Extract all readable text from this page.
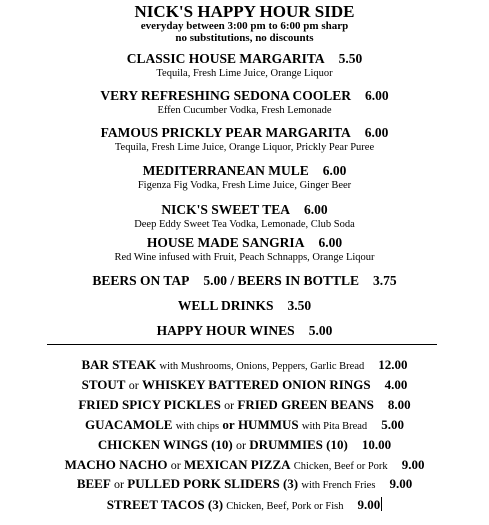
NICK'S HAPPY HOUR SIDE
everyday between 3:00 pm to 6:00 pm sharp
no substitutions, no discounts
CLASSIC HOUSE MARGARITA 5.50
Tequila, Fresh Lime Juice, Orange Liquor
VERY REFRESHING SEDONA COOLER 6.00
Effen Cucumber Vodka, Fresh Lemonade
FAMOUS PRICKLY PEAR MARGARITA 6.00
Tequila, Fresh Lime Juice, Orange Liquor, Prickly Pear Puree
MEDITERRANEAN MULE 6.00
Figenza Fig Vodka, Fresh Lime Juice, Ginger Beer
NICK'S SWEET TEA 6.00
Deep Eddy Sweet Tea Vodka, Lemonade, Club Soda
HOUSE MADE SANGRIA 6.00
Red Wine infused with Fruit, Peach Schnapps, Orange Liqour
BEERS ON TAP 5.00 / BEERS IN BOTTLE 3.75
WELL DRINKS 3.50
HAPPY HOUR WINES 5.00
BAR STEAK with Mushrooms, Onions, Peppers, Garlic Bread 12.00
STOUT or WHISKEY BATTERED ONION RINGS 4.00
FRIED SPICY PICKLES or FRIED GREEN BEANS 8.00
GUACAMOLE with chips or HUMMUS with Pita Bread 5.00
CHICKEN WINGS (10) or DRUMMIES (10) 10.00
MACHO NACHO or MEXICAN PIZZA Chicken, Beef or Pork 9.00
BEEF or PULLED PORK SLIDERS (3) with French Fries 9.00
STREET TACOS (3) Chicken, Beef, Pork or Fish 9.00
